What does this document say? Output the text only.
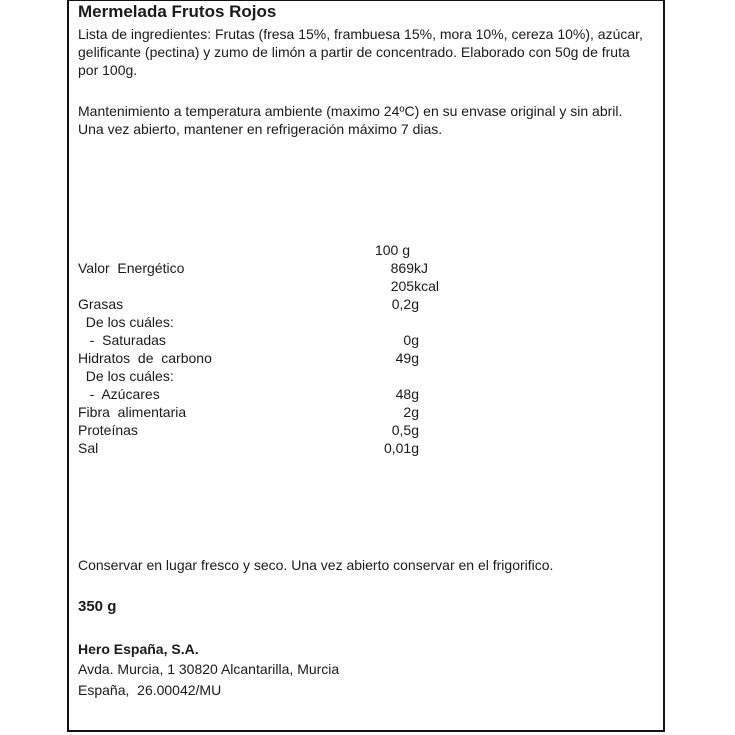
Mermelada Frutos Rojos
Lista de ingredientes: Frutas (fresa 15%, frambuesa 15%, mora 10%, cereza 10%), azúcar, gelificante (pectina) y zumo de limón a partir de concentrado. Elaborado con 50g de fruta por 100g.
Mantenimiento a temperatura ambiente (maximo 24ºC) en su envase original y sin abril. Una vez abierto, mantener en refrigeración máximo 7 dias.
100 g
Valor  Energético	869kJ
205kcal
Grasas	0,2g
De los cuáles:
-  Saturadas	0g
Hidratos  de  carbono	49g
De los cuáles:
-  Azúcares	48g
Fibra  alimentaria	2g
Proteínas	0,5g
Sal	0,01g
Conservar en lugar fresco y seco. Una vez abierto conservar en el frigorifico.
350 g
Hero España, S.A.
Avda. Murcia, 1 30820 Alcantarilla, Murcia
España,  26.00042/MU
